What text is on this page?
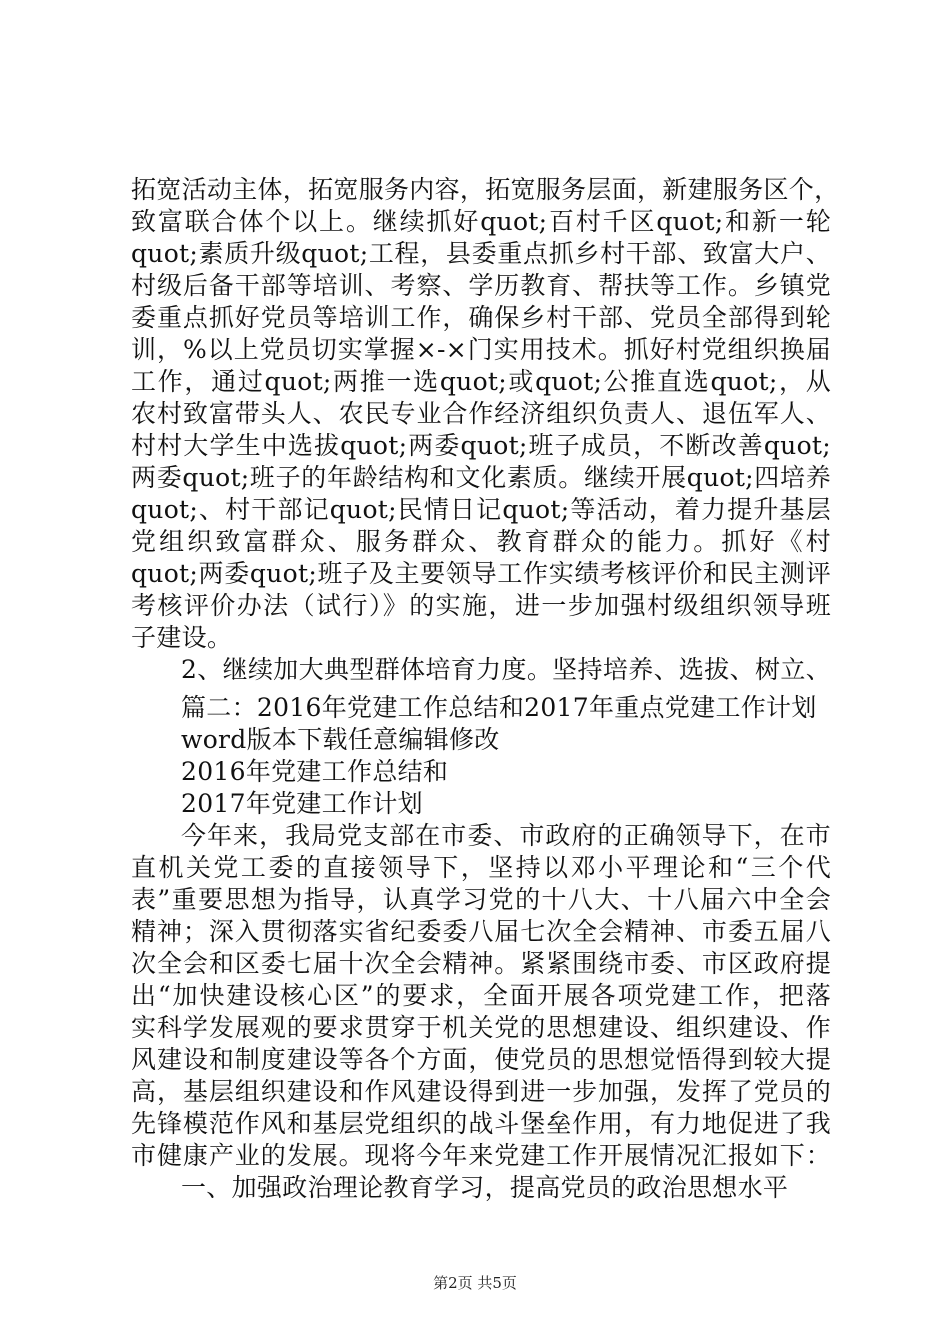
拓宽活动主体，拓宽服务内容，拓宽服务层面，新建服务区个，
致富联合体个以上。继续抓好quot;百村千区quot;和新一轮
quot;素质升级quot;工程，县委重点抓乡村干部、致富大户、
村级后备干部等培训、考察、学历教育、帮扶等工作。乡镇党
委重点抓好党员等培训工作，确保乡村干部、党员全部得到轮
训，%以上党员切实掌握×-×门实用技术。抓好村党组织换届
工作，通过quot;两推一选quot;或quot;公推直选quot;，从
农村致富带头人、农民专业合作经济组织负责人、退伍军人、
村村大学生中选拔quot;两委quot;班子成员，不断改善quot;
两委quot;班子的年龄结构和文化素质。继续开展quot;四培养
quot;、村干部记quot;民情日记quot;等活动，着力提升基层
党组织致富群众、服务群众、教育群众的能力。抓好《村
quot;两委quot;班子及主要领导工作实绩考核评价和民主测评
考核评价办法（试行）》的实施，进一步加强村级组织领导班
子建设。
2、继续加大典型群体培育力度。坚持培养、选拔、树立、
篇二：2016年党建工作总结和2017年重点党建工作计划
word版本下载任意编辑修改
2016年党建工作总结和
2017年党建工作计划
今年来，我局党支部在市委、市政府的正确领导下，在市
直机关党工委的直接领导下，坚持以邓小平理论和“三个代
表”重要思想为指导，认真学习党的十八大、十八届六中全会
精神；深入贯彻落实省纪委委八届七次全会精神、市委五届八
次全会和区委七届十次全会精神。紧紧围绕市委、市区政府提
出“加快建设核心区”的要求，全面开展各项党建工作，把落
实科学发展观的要求贯穿于机关党的思想建设、组织建设、作
风建设和制度建设等各个方面，使党员的思想觉悟得到较大提
高，基层组织建设和作风建设得到进一步加强，发挥了党员的
先锋模范作风和基层党组织的战斗堡垒作用，有力地促进了我
市健康产业的发展。现将今年来党建工作开展情况汇报如下：
一、加强政治理论教育学习，提高党员的政治思想水平
第2页 共5页
